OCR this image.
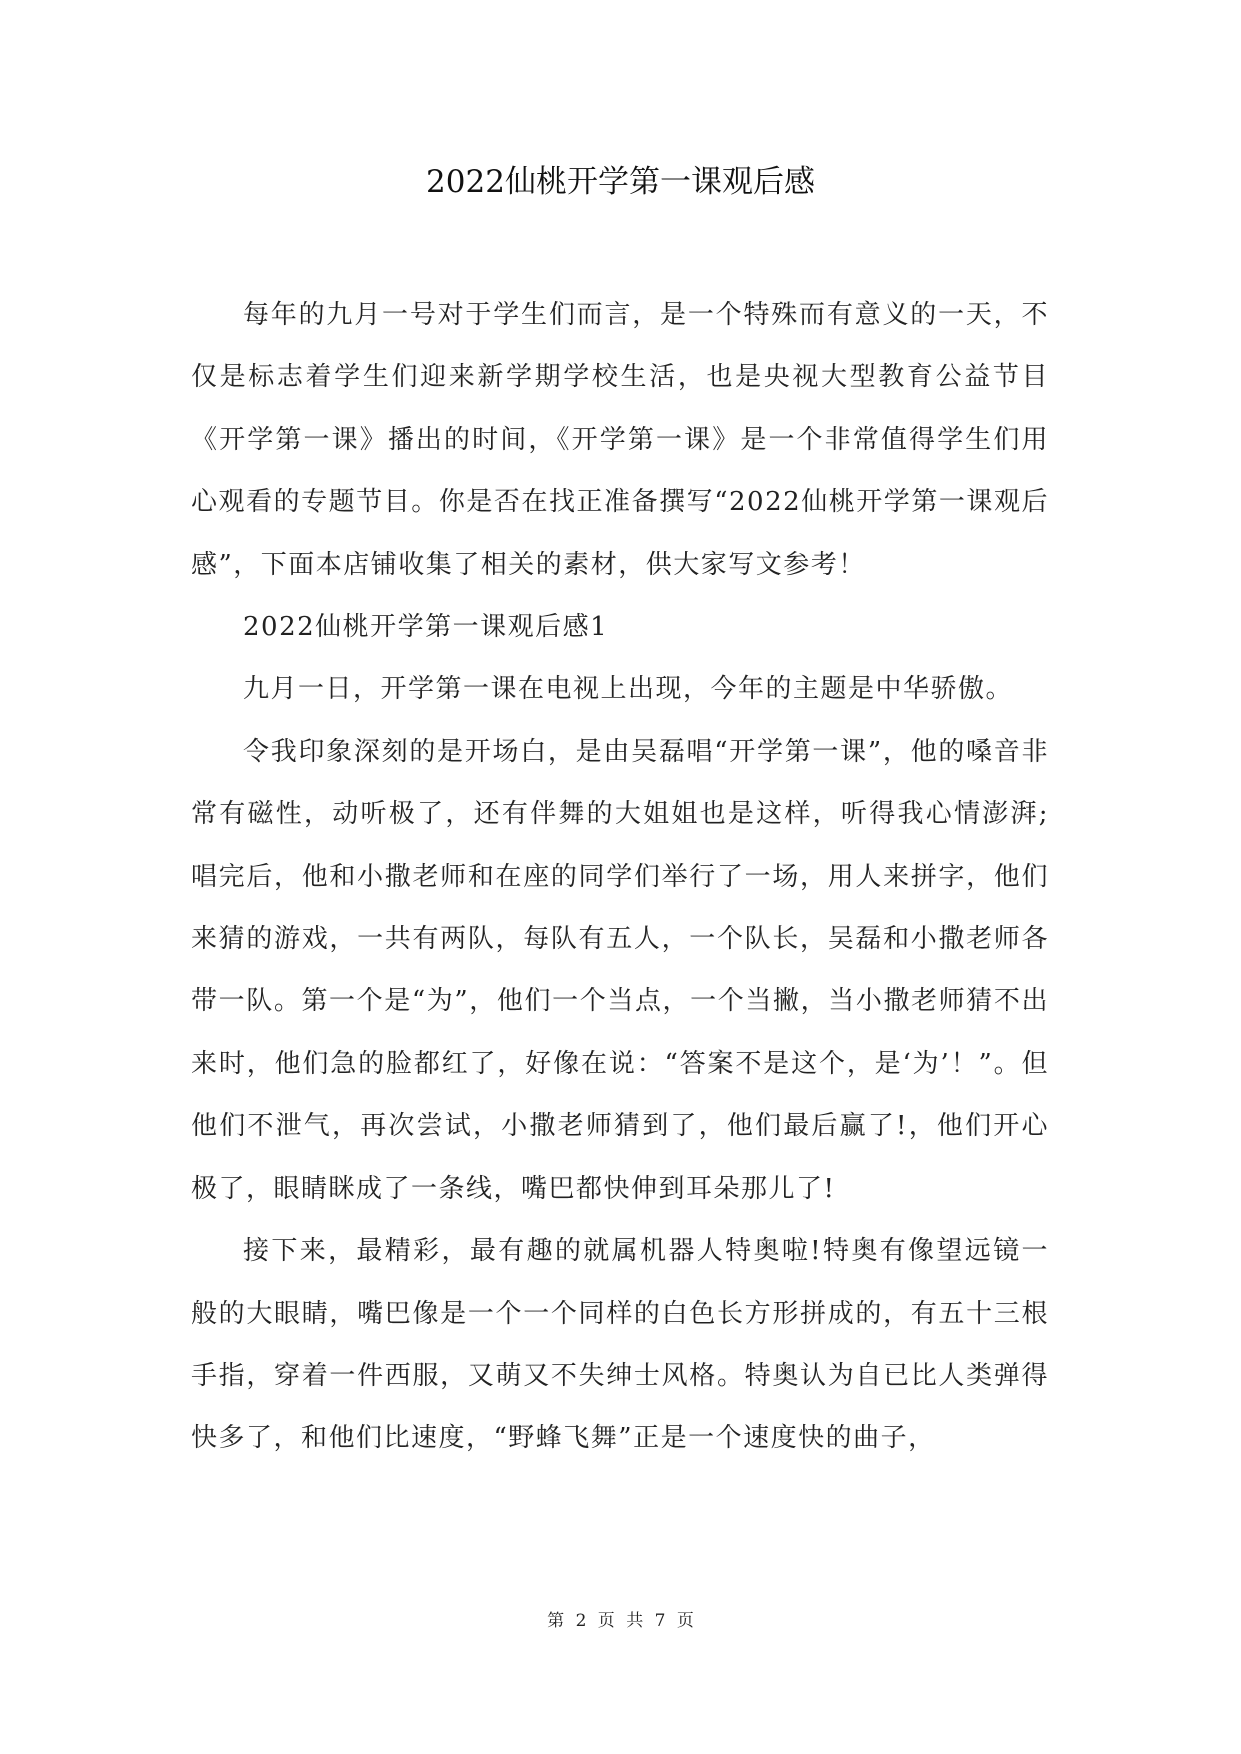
2022仙桃开学第一课观后感

每年的九月一号对于学生们而言，是一个特殊而有意义的一天，不仅是标志着学生们迎来新学期学校生活，也是央视大型教育公益节目《开学第一课》播出的时间，《开学第一课》是一个非常值得学生们用心观看的专题节目。你是否在找正准备撰写“2022仙桃开学第一课观后感”，下面本店铺收集了相关的素材，供大家写文参考！

2022仙桃开学第一课观后感1

九月一日，开学第一课在电视上出现，今年的主题是中华骄傲。

令我印象深刻的是开场白，是由吴磊唱“开学第一课”，他的嗓音非常有磁性，动听极了，还有伴舞的大姐姐也是这样，听得我心情澎湃;唱完后，他和小撒老师和在座的同学们举行了一场，用人来拼字，他们来猜的游戏，一共有两队，每队有五人，一个队长，吴磊和小撒老师各带一队。第一个是“为”，他们一个当点，一个当撇，当小撒老师猜不出来时，他们急的脸都红了，好像在说：“答案不是这个，是‘为’！”。但他们不泄气，再次尝试，小撒老师猜到了，他们最后赢了!，他们开心极了，眼睛眯成了一条线，嘴巴都快伸到耳朵那儿了!

接下来，最精彩，最有趣的就属机器人特奥啦!特奥有像望远镜一般的大眼睛，嘴巴像是一个一个同样的白色长方形拼成的，有五十三根手指，穿着一件西服，又萌又不失绅士风格。特奥认为自已比人类弹得快多了，和他们比速度，“野蜂飞舞”正是一个速度快的曲子，

第 2 页 共 7 页
